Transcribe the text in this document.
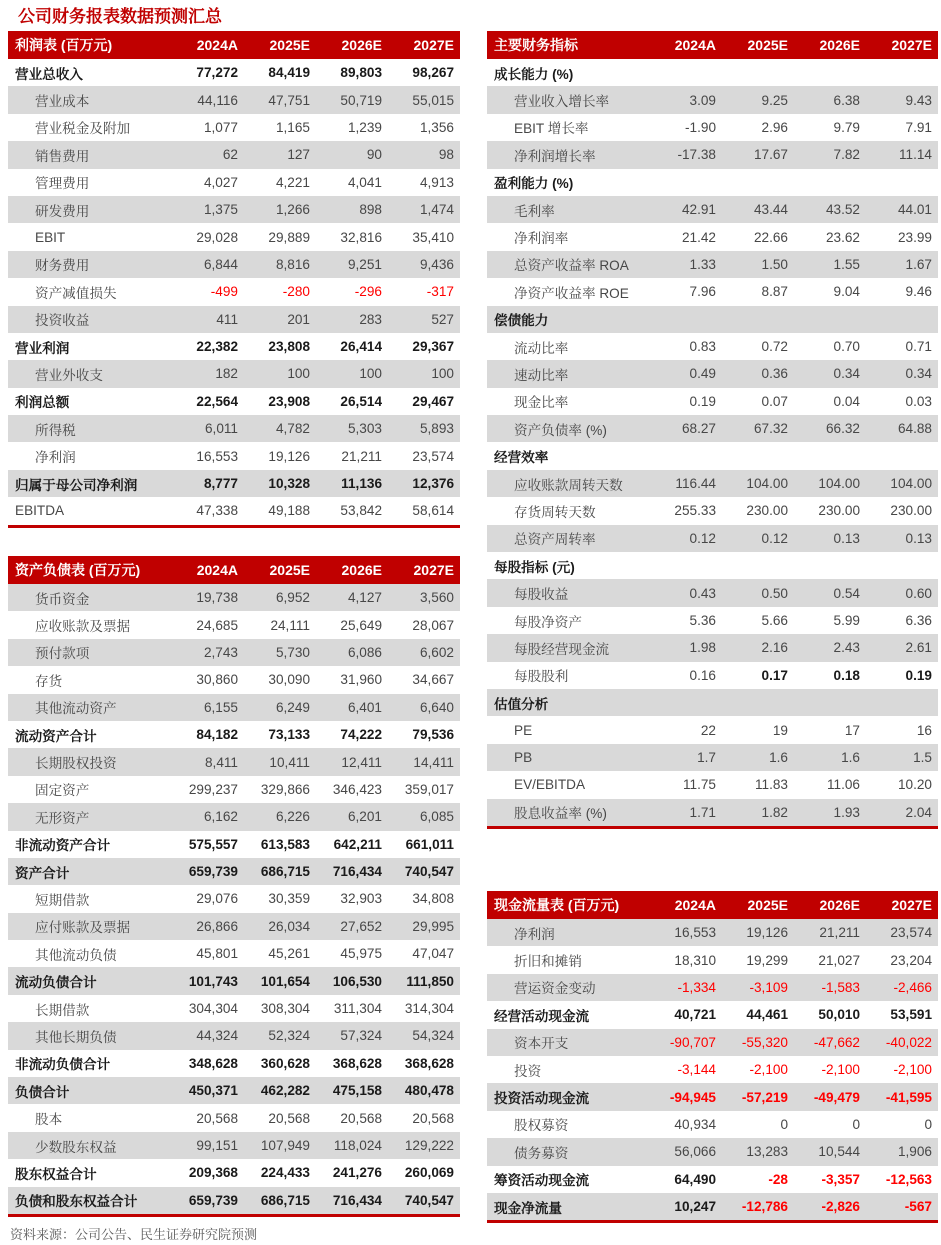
公司财务报表数据预测汇总
利润表 (百万元)	2024A	2025E	2026E	2027E
营业总收入	77,272	84,419	89,803	98,267
营业成本	44,116	47,751	50,719	55,015
营业税金及附加	1,077	1,165	1,239	1,356
销售费用	62	127	90	98
管理费用	4,027	4,221	4,041	4,913
研发费用	1,375	1,266	898	1,474
EBIT	29,028	29,889	32,816	35,410
财务费用	6,844	8,816	9,251	9,436
资产减值损失	-499	-280	-296	-317
投资收益	411	201	283	527
营业利润	22,382	23,808	26,414	29,367
营业外收支	182	100	100	100
利润总额	22,564	23,908	26,514	29,467
所得税	6,011	4,782	5,303	5,893
净利润	16,553	19,126	21,211	23,574
归属于母公司净利润	8,777	10,328	11,136	12,376
EBITDA	47,338	49,188	53,842	58,614
资产负债表 (百万元)	2024A	2025E	2026E	2027E
货币资金	19,738	6,952	4,127	3,560
应收账款及票据	24,685	24,111	25,649	28,067
预付款项	2,743	5,730	6,086	6,602
存货	30,860	30,090	31,960	34,667
其他流动资产	6,155	6,249	6,401	6,640
流动资产合计	84,182	73,133	74,222	79,536
长期股权投资	8,411	10,411	12,411	14,411
固定资产	299,237	329,866	346,423	359,017
无形资产	6,162	6,226	6,201	6,085
非流动资产合计	575,557	613,583	642,211	661,011
资产合计	659,739	686,715	716,434	740,547
短期借款	29,076	30,359	32,903	34,808
应付账款及票据	26,866	26,034	27,652	29,995
其他流动负债	45,801	45,261	45,975	47,047
流动负债合计	101,743	101,654	106,530	111,850
长期借款	304,304	308,304	311,304	314,304
其他长期负债	44,324	52,324	57,324	54,324
非流动负债合计	348,628	360,628	368,628	368,628
负债合计	450,371	462,282	475,158	480,478
股本	20,568	20,568	20,568	20,568
少数股东权益	99,151	107,949	118,024	129,222
股东权益合计	209,368	224,433	241,276	260,069
负债和股东权益合计	659,739	686,715	716,434	740,547
主要财务指标	2024A	2025E	2026E	2027E
成长能力 (%)
营业收入增长率	3.09	9.25	6.38	9.43
EBIT 增长率	-1.90	2.96	9.79	7.91
净利润增长率	-17.38	17.67	7.82	11.14
盈利能力 (%)
毛利率	42.91	43.44	43.52	44.01
净利润率	21.42	22.66	23.62	23.99
总资产收益率 ROA	1.33	1.50	1.55	1.67
净资产收益率 ROE	7.96	8.87	9.04	9.46
偿债能力
流动比率	0.83	0.72	0.70	0.71
速动比率	0.49	0.36	0.34	0.34
现金比率	0.19	0.07	0.04	0.03
资产负债率 (%)	68.27	67.32	66.32	64.88
经营效率
应收账款周转天数	116.44	104.00	104.00	104.00
存货周转天数	255.33	230.00	230.00	230.00
总资产周转率	0.12	0.12	0.13	0.13
每股指标 (元)
每股收益	0.43	0.50	0.54	0.60
每股净资产	5.36	5.66	5.99	6.36
每股经营现金流	1.98	2.16	2.43	2.61
每股股利	0.16	0.17	0.18	0.19
估值分析
PE	22	19	17	16
PB	1.7	1.6	1.6	1.5
EV/EBITDA	11.75	11.83	11.06	10.20
股息收益率 (%)	1.71	1.82	1.93	2.04
现金流量表 (百万元)	2024A	2025E	2026E	2027E
净利润	16,553	19,126	21,211	23,574
折旧和摊销	18,310	19,299	21,027	23,204
营运资金变动	-1,334	-3,109	-1,583	-2,466
经营活动现金流	40,721	44,461	50,010	53,591
资本开支	-90,707	-55,320	-47,662	-40,022
投资	-3,144	-2,100	-2,100	-2,100
投资活动现金流	-94,945	-57,219	-49,479	-41,595
股权募资	40,934	0	0	0
债务募资	56,066	13,283	10,544	1,906
筹资活动现金流	64,490	-28	-3,357	-12,563
现金净流量	10,247	-12,786	-2,826	-567
资料来源：公司公告、民生证券研究院预测
